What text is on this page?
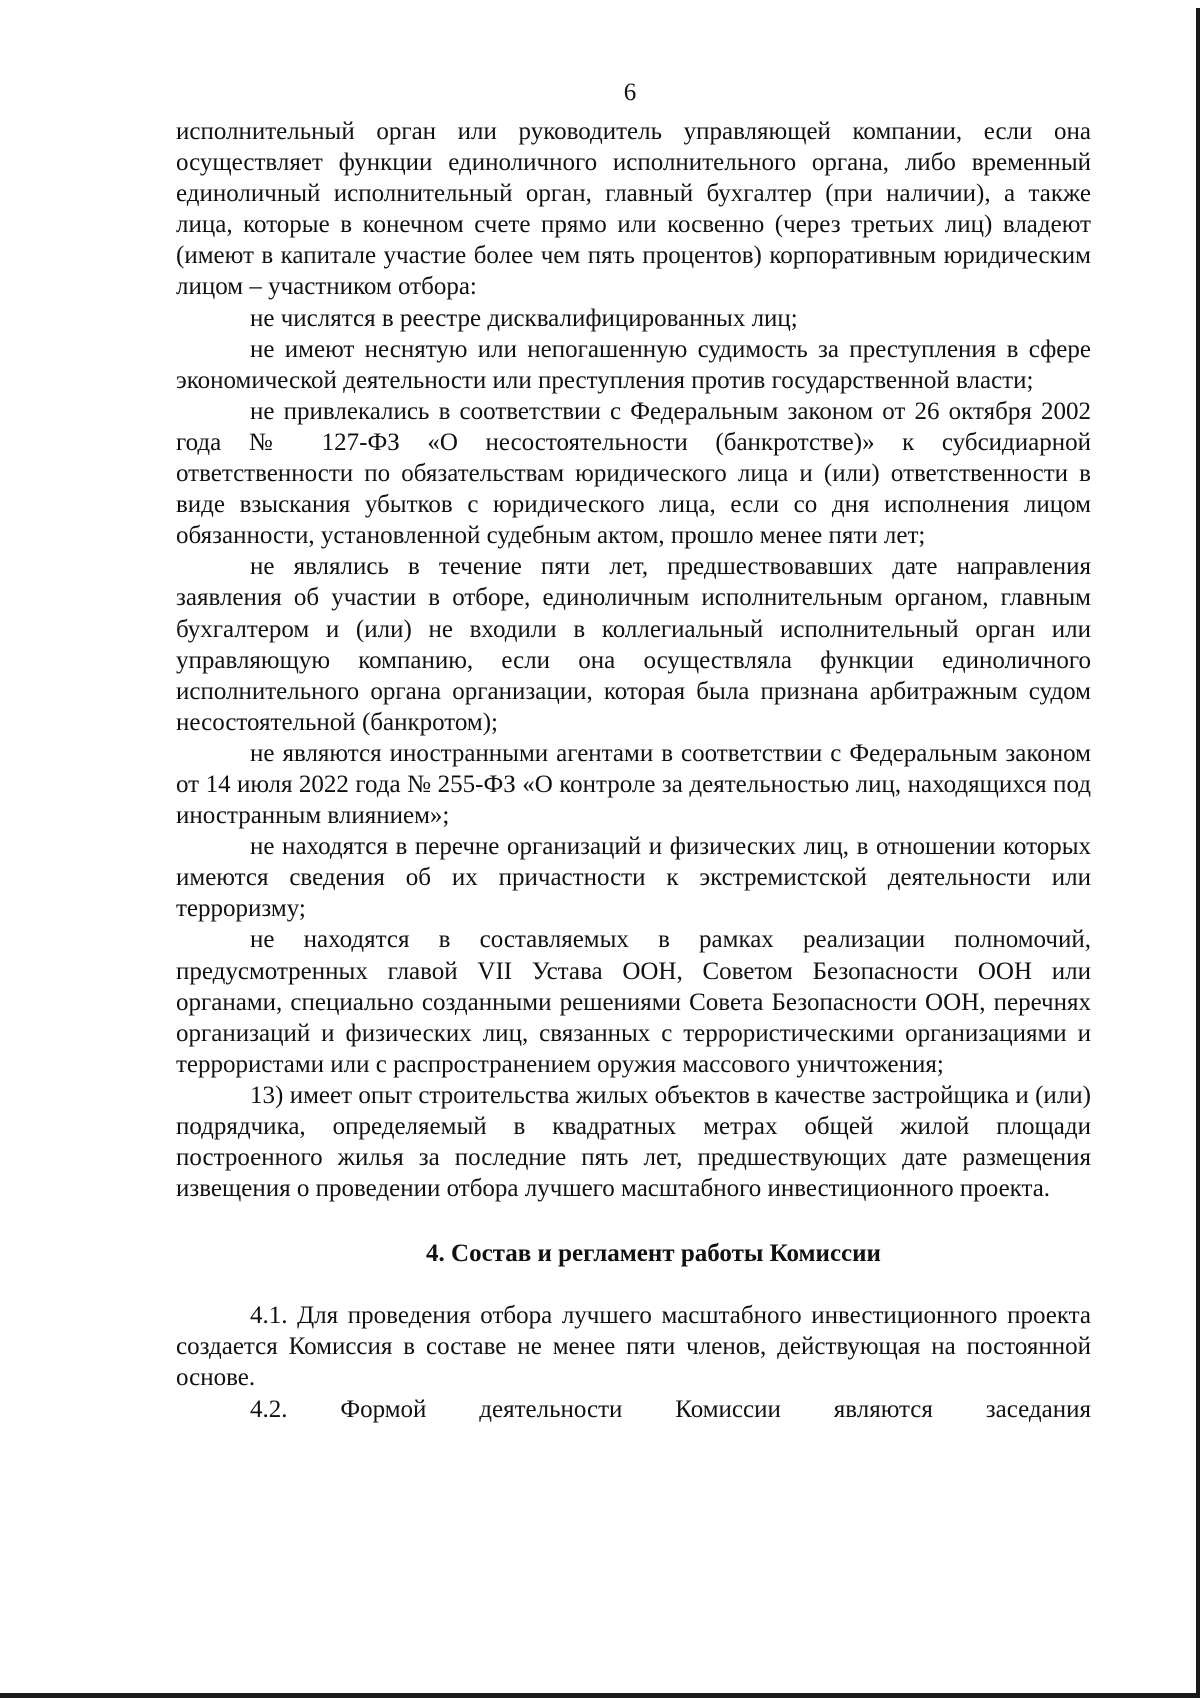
6

исполнительный орган или руководитель управляющей компании, если она осуществляет функции единоличного исполнительного органа, либо временный единоличный исполнительный орган, главный бухгалтер (при наличии), а также лица, которые в конечном счете прямо или косвенно (через третьих лиц) владеют (имеют в капитале участие более чем пять процентов) корпоративным юридическим лицом – участником отбора:

не числятся в реестре дисквалифицированных лиц;

не имеют неснятую или непогашенную судимость за преступления в сфере экономической деятельности или преступления против государственной власти;

не привлекались в соответствии с Федеральным законом от 26 октября 2002 года № 127-ФЗ «О несостоятельности (банкротстве)» к субсидиарной ответственности по обязательствам юридического лица и (или) ответственности в виде взыскания убытков с юридического лица, если со дня исполнения лицом обязанности, установленной судебным актом, прошло менее пяти лет;

не являлись в течение пяти лет, предшествовавших дате направления заявления об участии в отборе, единоличным исполнительным органом, главным бухгалтером и (или) не входили в коллегиальный исполнительный орган или управляющую компанию, если она осуществляла функции единоличного исполнительного органа организации, которая была признана арбитражным судом несостоятельной (банкротом);

не являются иностранными агентами в соответствии с Федеральным законом от 14 июля 2022 года № 255-ФЗ «О контроле за деятельностью лиц, находящихся под иностранным влиянием»;

не находятся в перечне организаций и физических лиц, в отношении которых имеются сведения об их причастности к экстремистской деятельности или терроризму;

не находятся в составляемых в рамках реализации полномочий, предусмотренных главой VII Устава ООН, Советом Безопасности ООН или органами, специально созданными решениями Совета Безопасности ООН, перечнях организаций и физических лиц, связанных с террористическими организациями и террористами или с распространением оружия массового уничтожения;

13) имеет опыт строительства жилых объектов в качестве застройщика и (или) подрядчика, определяемый в квадратных метрах общей жилой площади построенного жилья за последние пять лет, предшествующих дате размещения извещения о проведении отбора лучшего масштабного инвестиционного проекта.

4. Состав и регламент работы Комиссии

4.1. Для проведения отбора лучшего масштабного инвестиционного проекта создается Комиссия в составе не менее пяти членов, действующая на постоянной основе.

4.2. Формой деятельности Комиссии являются заседания
